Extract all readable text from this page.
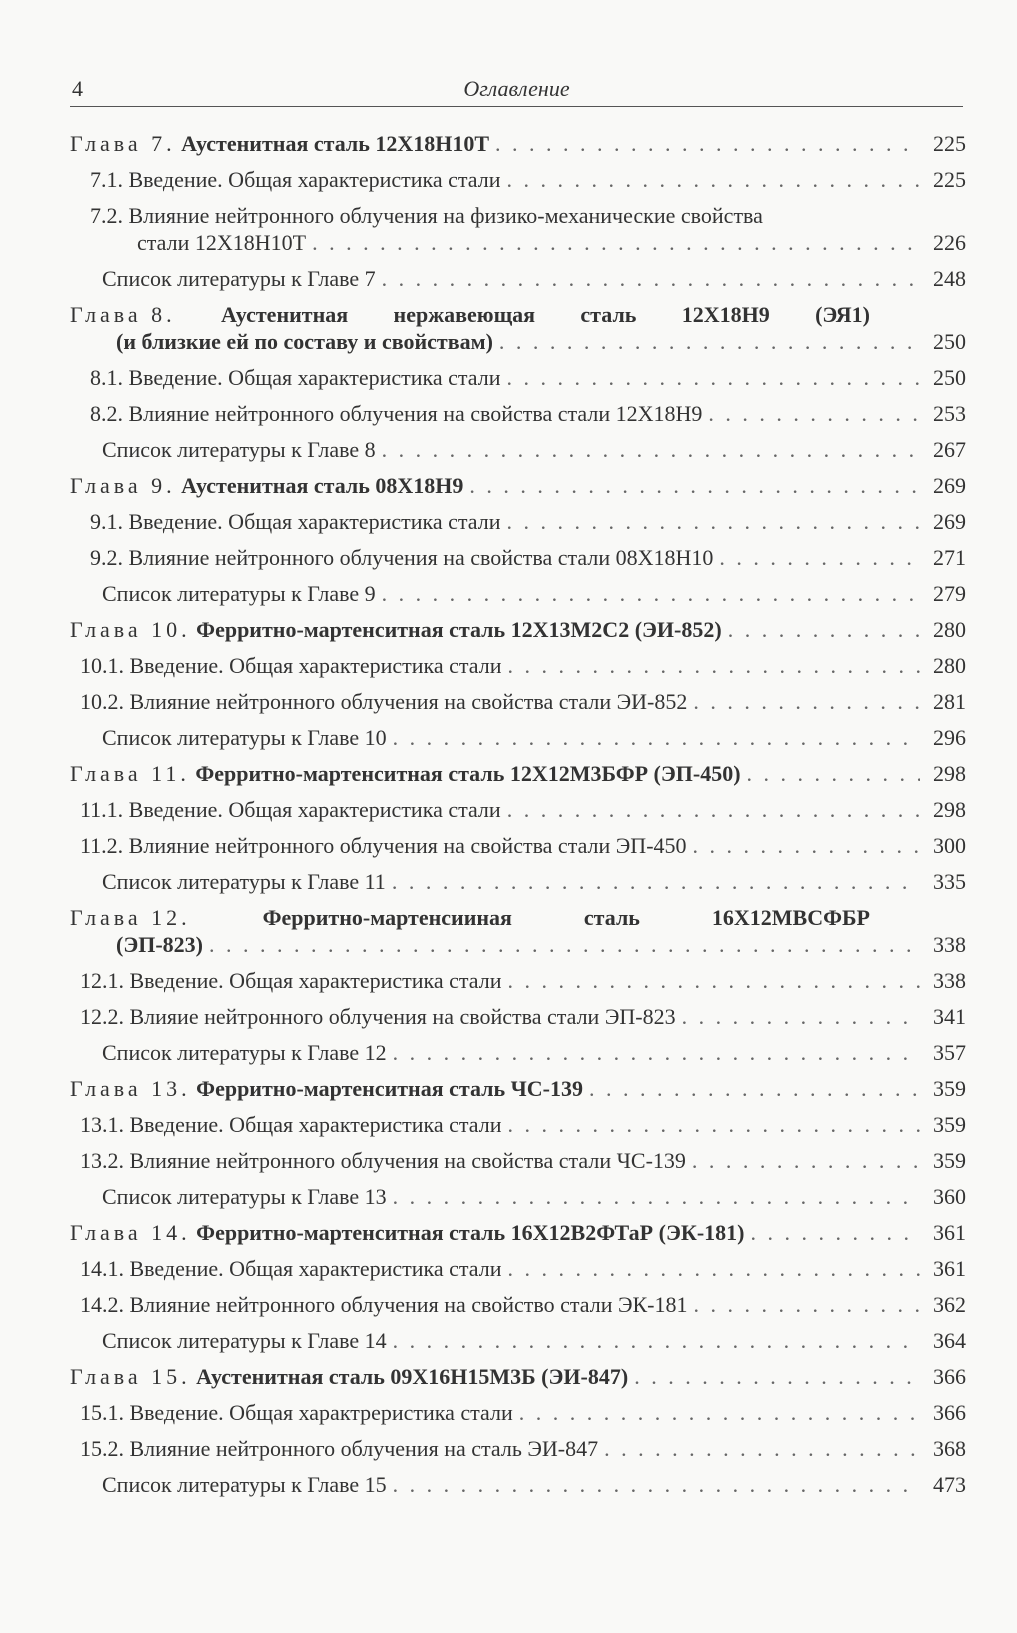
4	Оглавление
Глава 7. Аустенитная сталь 12Х18Н10Т . . .	225
7.1. Введение. Общая характеристика стали . . .	225
7.2. Влияние нейтронного облучения на физико-механические свойства
стали 12Х18Н10Т . . .	226
Список литературы к Главе 7 . . .	248
Глава 8. Аустенитная нержавеющая сталь 12Х18Н9 (ЭЯ1)
(и близкие ей по составу и свойствам) . . .	250
8.1. Введение. Общая характеристика стали . . .	250
8.2. Влияние нейтронного облучения на свойства стали 12Х18Н9 . . .	253
Список литературы к Главе 8 . . .	267
Глава 9. Аустенитная сталь 08Х18Н9 . . .	269
9.1. Введение. Общая характеристика стали . . .	269
9.2. Влияние нейтронного облучения на свойства стали 08Х18Н10 . . .	271
Список литературы к Главе 9 . . .	279
Глава 10. Ферритно-мартенситная сталь 12Х13М2С2 (ЭИ-852) . . .	280
10.1. Введение. Общая характеристика стали . . .	280
10.2. Влияние нейтронного облучения на свойства стали ЭИ-852 . . .	281
Список литературы к Главе 10 . . .	296
Глава 11. Ферритно-мартенситная сталь 12Х12М3БФР (ЭП-450) . . .	298
11.1. Введение. Общая характеристика стали . . .	298
11.2. Влияние нейтронного облучения на свойства стали ЭП-450 . . .	300
Список литературы к Главе 11 . . .	335
Глава 12.	Ферритно-мартенсииная	сталь	16Х12МВСФБР
(ЭП-823) . . .	338
12.1. Введение. Общая характеристика стали . . .	338
12.2. Влияие нейтронного облучения на свойства стали ЭП-823 . . .	341
Список литературы к Главе 12 . . .	357
Глава 13. Ферритно-мартенситная сталь ЧС-139 . . .	359
13.1. Введение. Общая характеристика стали . . .	359
13.2. Влияние нейтронного облучения на свойства стали ЧС-139 . . .	359
Список литературы к Главе 13 . . .	360
Глава 14. Ферритно-мартенситная сталь 16Х12В2ФТаР (ЭК-181) . . .	361
14.1. Введение. Общая характеристика стали . . .	361
14.2. Влияние нейтронного облучения на свойство стали ЭК-181 . . .	362
Список литературы к Главе 14 . . .	364
Глава 15. Аустенитная сталь 09Х16Н15М3Б (ЭИ-847) . . .	366
15.1. Введение. Общая характрeристика стали . . .	366
15.2. Влияние нейтронного облучения на сталь ЭИ-847 . . .	368
Список литературы к Главе 15 . . .	473
